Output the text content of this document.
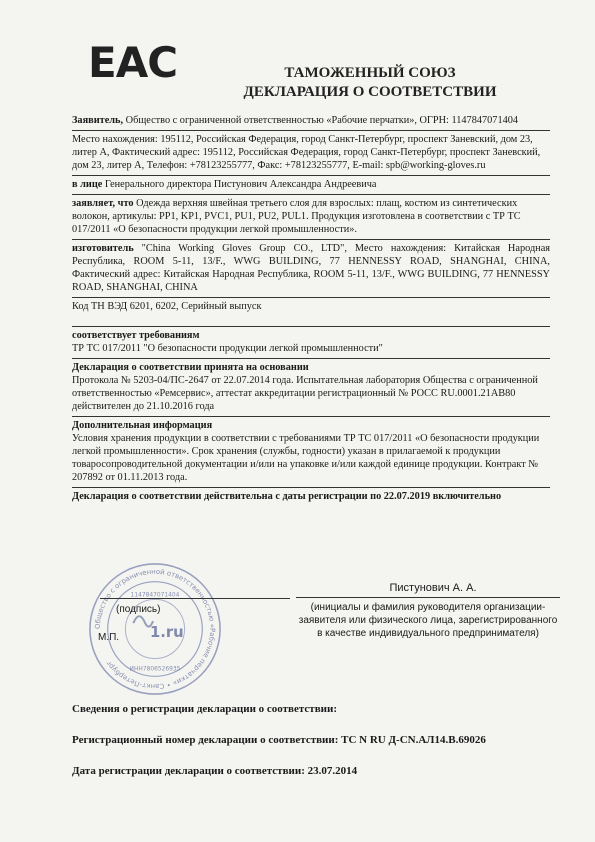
EAC	ТАМОЖЕННЫЙ СОЮЗ
ДЕКЛАРАЦИЯ О СООТВЕТСТВИИ
Заявитель, Общество с ограниченной ответственностью «Рабочие перчатки», ОГРН: 1147847071404
Место нахождения: 195112, Российская Федерация, город Санкт-Петербург, проспект Заневский, дом 23, литер А, Фактический адрес: 195112, Российская Федерация, город Санкт-Петербург, проспект Заневский, дом 23, литер А, Телефон: +78123255777, Факс: +78123255777, E-mail: spb@working-gloves.ru
в лице Генерального директора Пистунович Александра Андреевича
заявляет, что Одежда верхняя швейная третьего слоя для взрослых: плащ, костюм из синтетических волокон, артикулы: PP1, KP1, PVC1, PU1, PU2, PUL1. Продукция изготовлена в соответствии с ТР ТС 017/2011 «О безопасности продукции легкой промышленности».
изготовитель "China Working Gloves Group CO., LTD", Место нахождения: Китайская Народная Республика, ROOM 5-11, 13/F., WWG BUILDING, 77 HENNESSY ROAD, SHANGHAI, CHINA, Фактический адрес: Китайская Народная Республика, ROOM 5-11, 13/F., WWG BUILDING, 77 HENNESSY ROAD, SHANGHAI, CHINA
Код ТН ВЭД 6201, 6202, Серийный выпуск
соответствует требованиям
ТР ТС 017/2011 "О безопасности продукции легкой промышленности"
Декларация о соответствии принята на основании
Протокола № 5203-04/ПС-2647 от 22.07.2014 года. Испытательная лаборатория Общества с ограниченной ответственностью «Ремсервис», аттестат аккредитации регистрационный № РОСС RU.0001.21АВ80 действителен до 21.10.2016 года
Дополнительная информация
Условия хранения продукции в соответствии с требованиями ТР ТС 017/2011 «О безопасности продукции легкой промышленности». Срок хранения (службы, годности) указан в прилагаемой к продукции товаросопроводительной документации и/или на упаковке и/или каждой единице продукции. Контракт № 207892 от 01.11.2013 года.
Декларация о соответствии действительна с даты регистрации по 22.07.2019 включительно
Общество с ограниченной ответственностью «Рабочие перчатки» • Санкт-Петербург
1147847071404
ИНН7806526935
1.ru
(подпись)
М.П.
Пистунович А. А.
(инициалы и фамилия руководителя организации-заявителя или физического лица, зарегистрированного в качестве индивидуального предпринимателя)
Сведения о регистрации декларации о соответствии:
Регистрационный номер декларации о соответствии: ТС N RU Д-CN.АЛ14.В.69026
Дата регистрации декларации о соответствии: 23.07.2014
